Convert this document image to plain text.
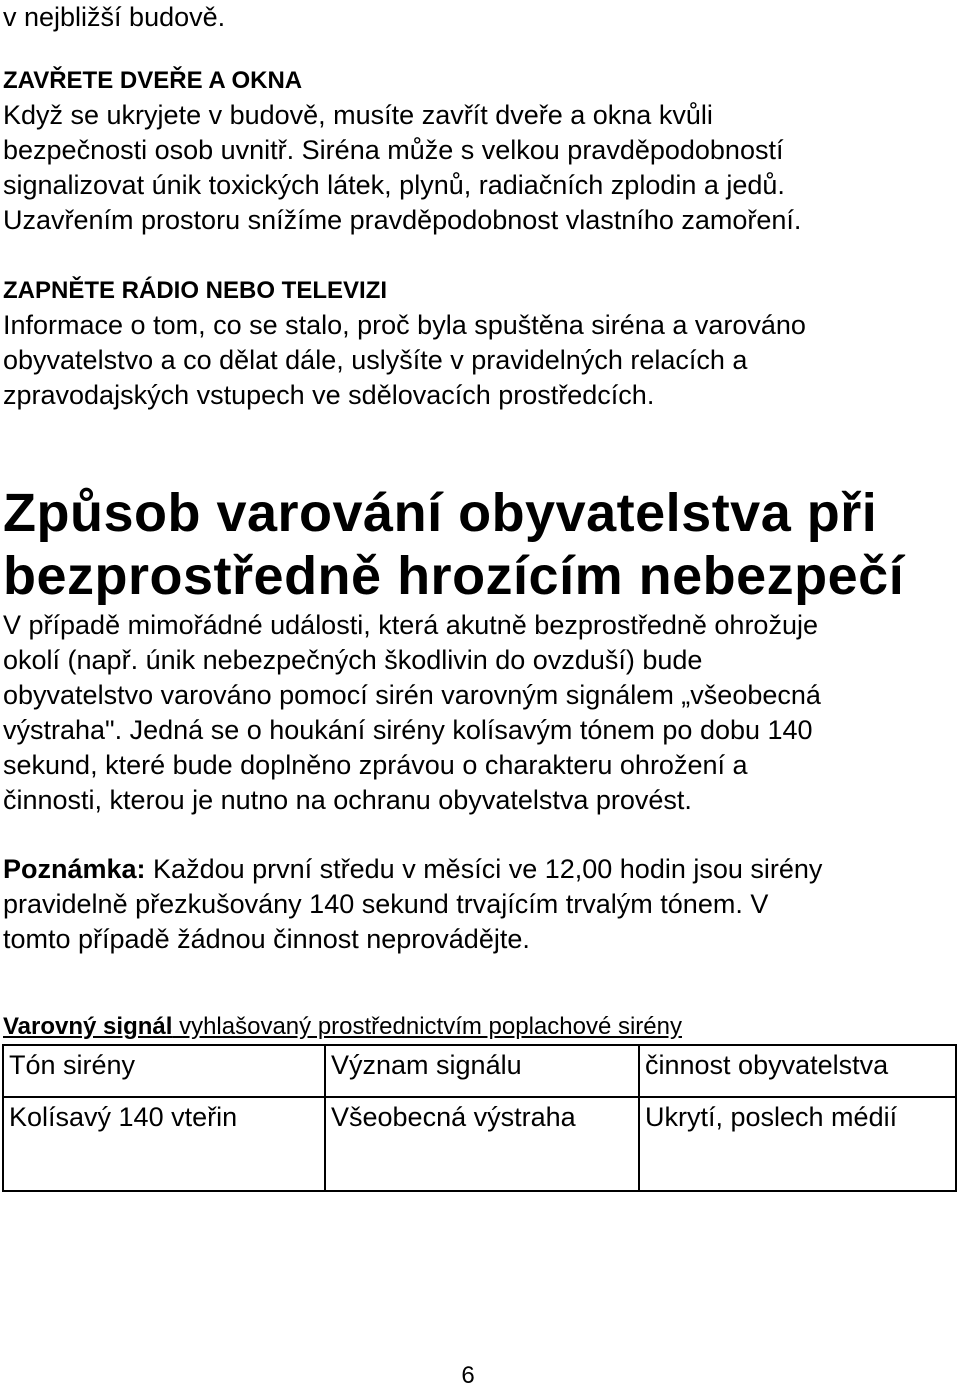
v nejbližší budově.

ZAVŘETE DVEŘE A OKNA

Když se ukryjete v budově, musíte zavřít dveře a okna kvůli

bezpečnosti osob uvnitř. Siréna může s velkou pravděpodobností

signalizovat únik toxických látek, plynů, radiačních zplodin a jedů.

Uzavřením prostoru snížíme pravděpodobnost vlastního zamoření.

ZAPNĚTE RÁDIO NEBO TELEVIZI

Informace o tom, co se stalo, proč byla spuštěna siréna a varováno

obyvatelstvo a co dělat dále, uslyšíte v pravidelných relacích a

zpravodajských vstupech ve sdělovacích prostředcích.

Způsob varování obyvatelstva při

bezprostředně hrozícím nebezpečí

V případě mimořádné události, která akutně bezprostředně ohrožuje

okolí (např. únik nebezpečných škodlivin do ovzduší) bude

obyvatelstvo varováno pomocí sirén varovným signálem „všeobecná

výstraha". Jedná se o houkání sirény kolísavým tónem po dobu 140

sekund, které bude doplněno zprávou o charakteru ohrožení a

činnosti, kterou je nutno na ochranu obyvatelstva provést.

Poznámka: Každou první středu v měsíci ve 12,00 hodin jsou sirény

pravidelně přezkušovány 140 sekund trvajícím trvalým tónem. V

tomto případě žádnou činnost neprovádějte.

Varovný signál vyhlašovaný prostřednictvím poplachové sirény
Tón sirény	Význam signálu	činnost obyvatelstva
Kolísavý 140 vteřin	Všeobecná výstraha	Ukrytí, poslech médií
6
